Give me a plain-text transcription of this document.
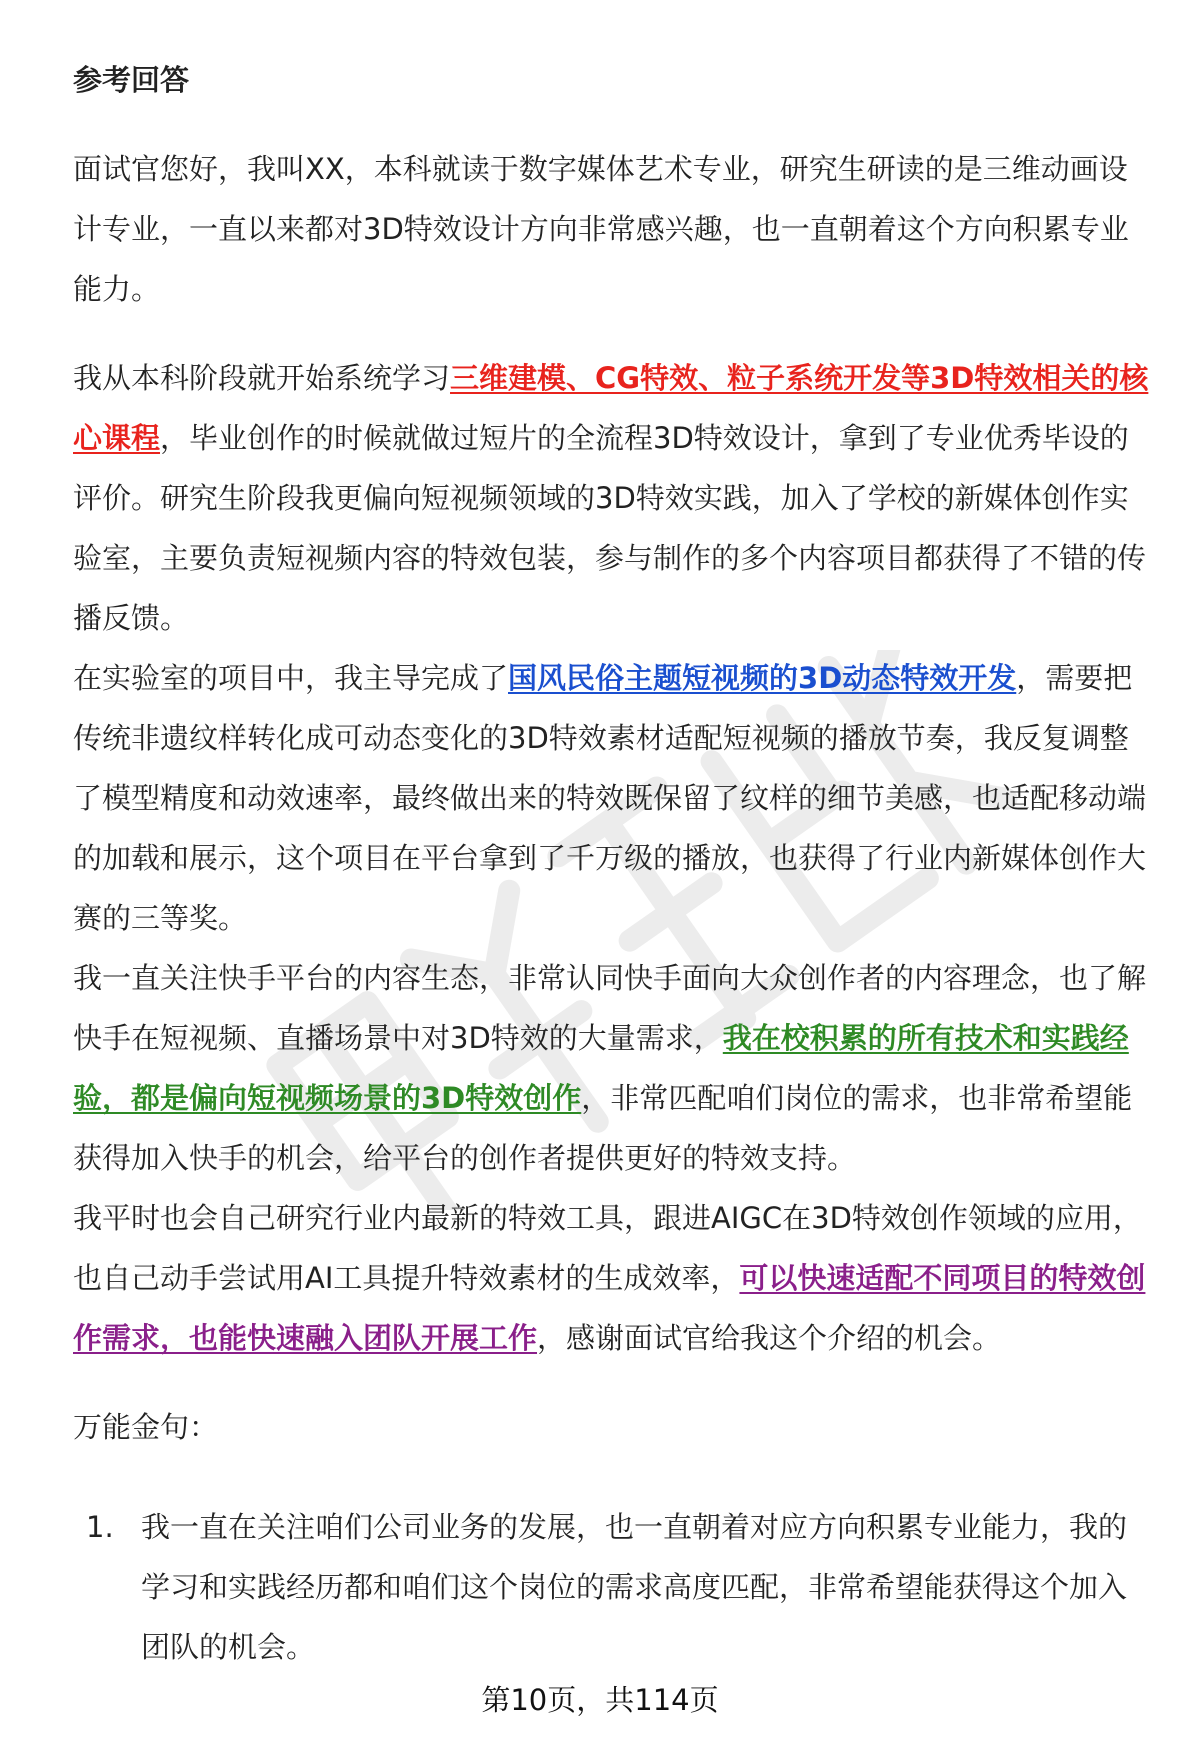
参考回答

面试官您好，我叫XX，本科就读于数字媒体艺术专业，研究生研读的是三维动画设计专业，一直以来都对3D特效设计方向非常感兴趣，也一直朝着这个方向积累专业能力。

我从本科阶段就开始系统学习三维建模、CG特效、粒子系统开发等3D特效相关的核心课程，毕业创作的时候就做过短片的全流程3D特效设计，拿到了专业优秀毕设的评价。研究生阶段我更偏向短视频领域的3D特效实践，加入了学校的新媒体创作实验室，主要负责短视频内容的特效包装，参与制作的多个内容项目都获得了不错的传播反馈。

在实验室的项目中，我主导完成了国风民俗主题短视频的3D动态特效开发，需要把传统非遗纹样转化成可动态变化的3D特效素材适配短视频的播放节奏，我反复调整了模型精度和动效速率，最终做出来的特效既保留了纹样的细节美感，也适配移动端的加载和展示，这个项目在平台拿到了千万级的播放，也获得了行业内新媒体创作大赛的三等奖。

我一直关注快手平台的内容生态，非常认同快手面向大众创作者的内容理念，也了解快手在短视频、直播场景中对3D特效的大量需求，我在校积累的所有技术和实践经验，都是偏向短视频场景的3D特效创作，非常匹配咱们岗位的需求，也非常希望能获得加入快手的机会，给平台的创作者提供更好的特效支持。

我平时也会自己研究行业内最新的特效工具，跟进AIGC在3D特效创作领域的应用，也自己动手尝试用AI工具提升特效素材的生成效率，可以快速适配不同项目的特效创作需求，也能快速融入团队开展工作，感谢面试官给我这个介绍的机会。

万能金句：

1. 我一直在关注咱们公司业务的发展，也一直朝着对应方向积累专业能力，我的学习和实践经历都和咱们这个岗位的需求高度匹配，非常希望能获得这个加入团队的机会。
第10页，共114页
